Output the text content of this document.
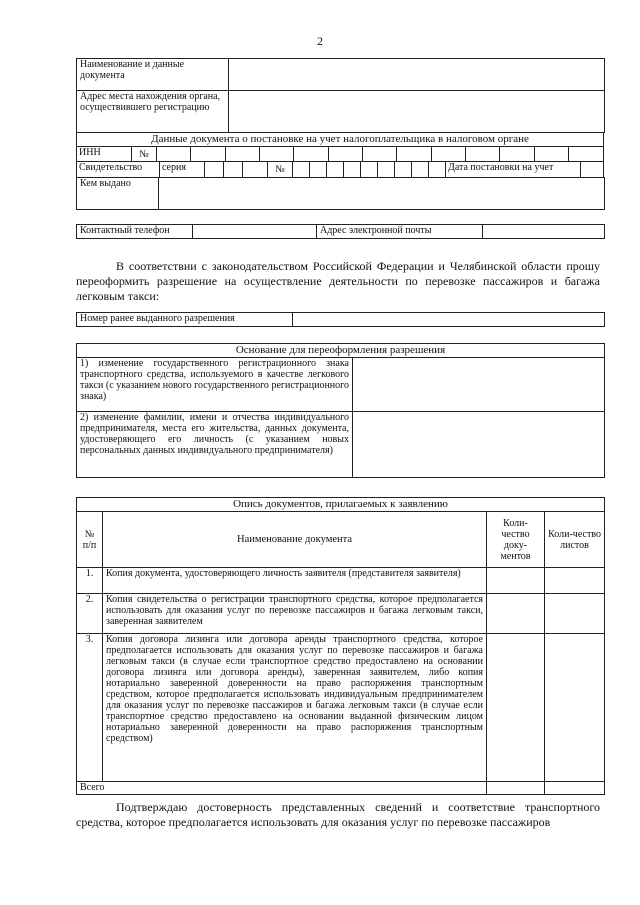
2
Наименование и данные документа	
Адрес места нахождения органа, осуществившего регистрацию	
Данные документа о постановке на учет налогоплательщика в налоговом органе
ИНН	№													
Свидетельство	серия				№										Дата постановки на учет	
Кем выдано	
Контактный телефон		Адрес электронной почты	
В соответствии с законодательством Российской Федерации и Челябинской области прошу переоформить разрешение на осуществление деятельности по перевозке пассажиров и багажа легковым такси:
Номер ранее выданного разрешения	
Основание для переоформления разрешения	
1) изменение государственного регистрационного знака транспортного средства, используемого в качестве легкового такси (с указанием нового государственного регистрационного знака)	
2) изменение фамилии, имени и отчества индивидуального предпринимателя, места его жительства, данных документа, удостоверяющего его личность (с указанием новых персональных данных индивидуального предпринимателя)	
Опись документов, прилагаемых к заявлению			
№ п/п	Наименование документа	Коли-чество доку-ментов	Коли-чество листов
1.	Копия документа, удостоверяющего личность заявителя (представителя заявителя)		
2.	Копия свидетельства о регистрации транспортного средства, которое предполагается использовать для оказания услуг по перевозке пассажиров и багажа легковым такси, заверенная заявителем		
3.	Копия договора лизинга или договора аренды транспортного средства, которое предполагается использовать для оказания услуг по перевозке пассажиров и багажа легковым такси (в случае если транспортное средство предоставлено на основании договора лизинга или договора аренды), заверенная заявителем, либо копия нотариально заверенной доверенности на право распоряжения транспортным средством, которое предполагается использовать индивидуальным предпринимателем для оказания услуг по перевозке пассажиров и багажа легковым такси (в случае если транспортное средство предоставлено на основании выданной физическим лицом нотариально заверенной доверенности на право распоряжения транспортным средством)		
Всего			
Подтверждаю достоверность представленных сведений и соответствие транспортного средства, которое предполагается использовать для оказания услуг по перевозке пассажиров
